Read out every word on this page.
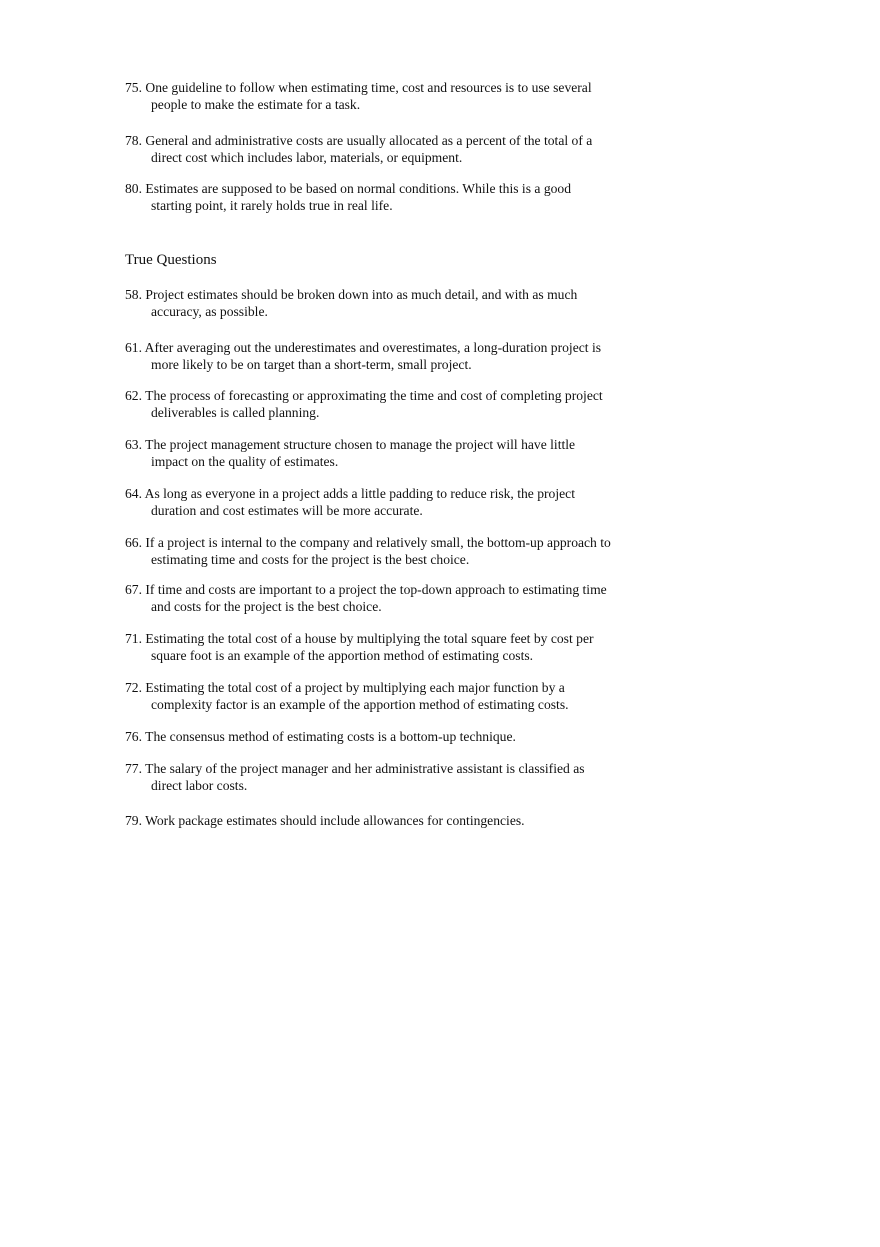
75. One guideline to follow when estimating time, cost and resources is to use several
people to make the estimate for a task.
78. General and administrative costs are usually allocated as a percent of the total of a
direct cost which includes labor, materials, or equipment.
80. Estimates are supposed to be based on normal conditions. While this is a good
starting point, it rarely holds true in real life.
True Questions
58. Project estimates should be broken down into as much detail, and with as much
accuracy, as possible.
61. After averaging out the underestimates and overestimates, a long-duration project is
more likely to be on target than a short-term, small project.
62. The process of forecasting or approximating the time and cost of completing project
deliverables is called planning.
63. The project management structure chosen to manage the project will have little
impact on the quality of estimates.
64. As long as everyone in a project adds a little padding to reduce risk, the project
duration and cost estimates will be more accurate.
66. If a project is internal to the company and relatively small, the bottom-up approach to
estimating time and costs for the project is the best choice.
67. If time and costs are important to a project the top-down approach to estimating time
and costs for the project is the best choice.
71. Estimating the total cost of a house by multiplying the total square feet by cost per
square foot is an example of the apportion method of estimating costs.
72. Estimating the total cost of a project by multiplying each major function by a
complexity factor is an example of the apportion method of estimating costs.
76. The consensus method of estimating costs is a bottom-up technique.
77. The salary of the project manager and her administrative assistant is classified as
direct labor costs.
79. Work package estimates should include allowances for contingencies.
